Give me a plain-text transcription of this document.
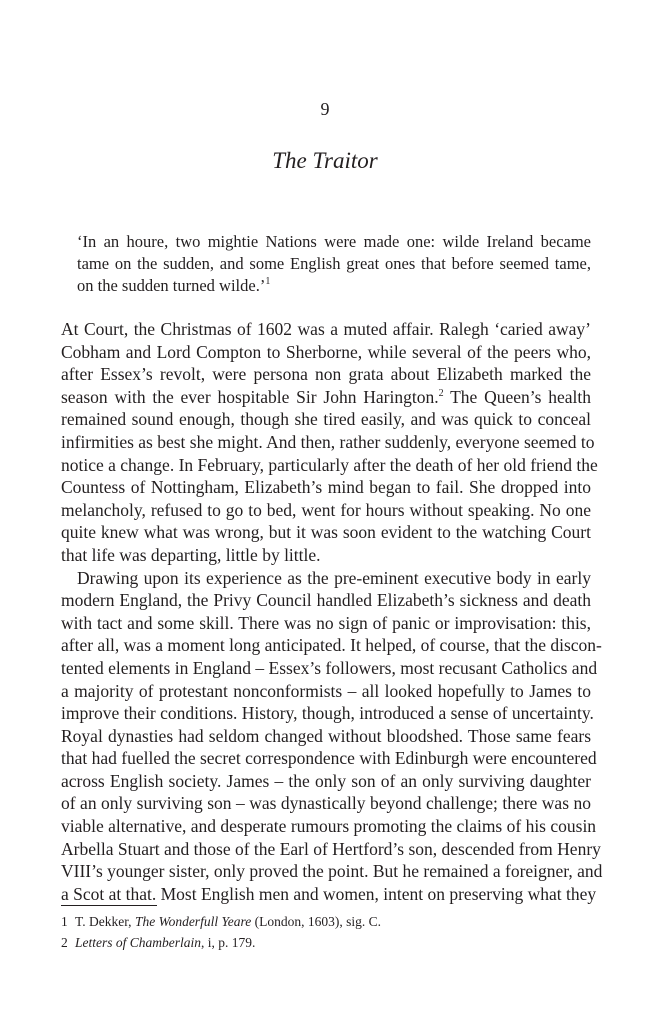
9
The Traitor

‘In an houre, two mightie Nations were made one: wilde Ireland became tame on the sudden, and some English great ones that before seemed tame, on the sudden turned wilde.’$^1$

At Court, the Christmas of 1602 was a muted affair. Ralegh ‘caried away’
Cobham and Lord Compton to Sherborne, while several of the peers who,
after Essex’s revolt, were persona non grata about Elizabeth marked the
season with the ever hospitable Sir John Harington.$^2$ The Queen’s health
remained sound enough, though she tired easily, and was quick to conceal
infirmities as best she might. And then, rather suddenly, everyone seemed to
notice a change. In February, particularly after the death of her old friend the
Countess of Nottingham, Elizabeth’s mind began to fail. She dropped into
melancholy, refused to go to bed, went for hours without speaking. No one
quite knew what was wrong, but it was soon evident to the watching Court
that life was departing, little by little.
Drawing upon its experience as the pre-eminent executive body in early
modern England, the Privy Council handled Elizabeth’s sickness and death
with tact and some skill. There was no sign of panic or improvisation: this,
after all, was a moment long anticipated. It helped, of course, that the discon-
tented elements in England – Essex’s followers, most recusant Catholics and
a majority of protestant nonconformists – all looked hopefully to James to
improve their conditions. History, though, introduced a sense of uncertainty.
Royal dynasties had seldom changed without bloodshed. Those same fears
that had fuelled the secret correspondence with Edinburgh were encountered
across English society. James – the only son of an only surviving daughter
of an only surviving son – was dynastically beyond challenge; there was no
viable alternative, and desperate rumours promoting the claims of his cousin
Arbella Stuart and those of the Earl of Hertford’s son, descended from Henry
VIII’s younger sister, only proved the point. But he remained a foreigner, and
a Scot at that. Most English men and women, intent on preserving what they
1 T. Dekker, The Wonderfull Yeare (London, 1603), sig. C.
2 Letters of Chamberlain, i, p. 179.
